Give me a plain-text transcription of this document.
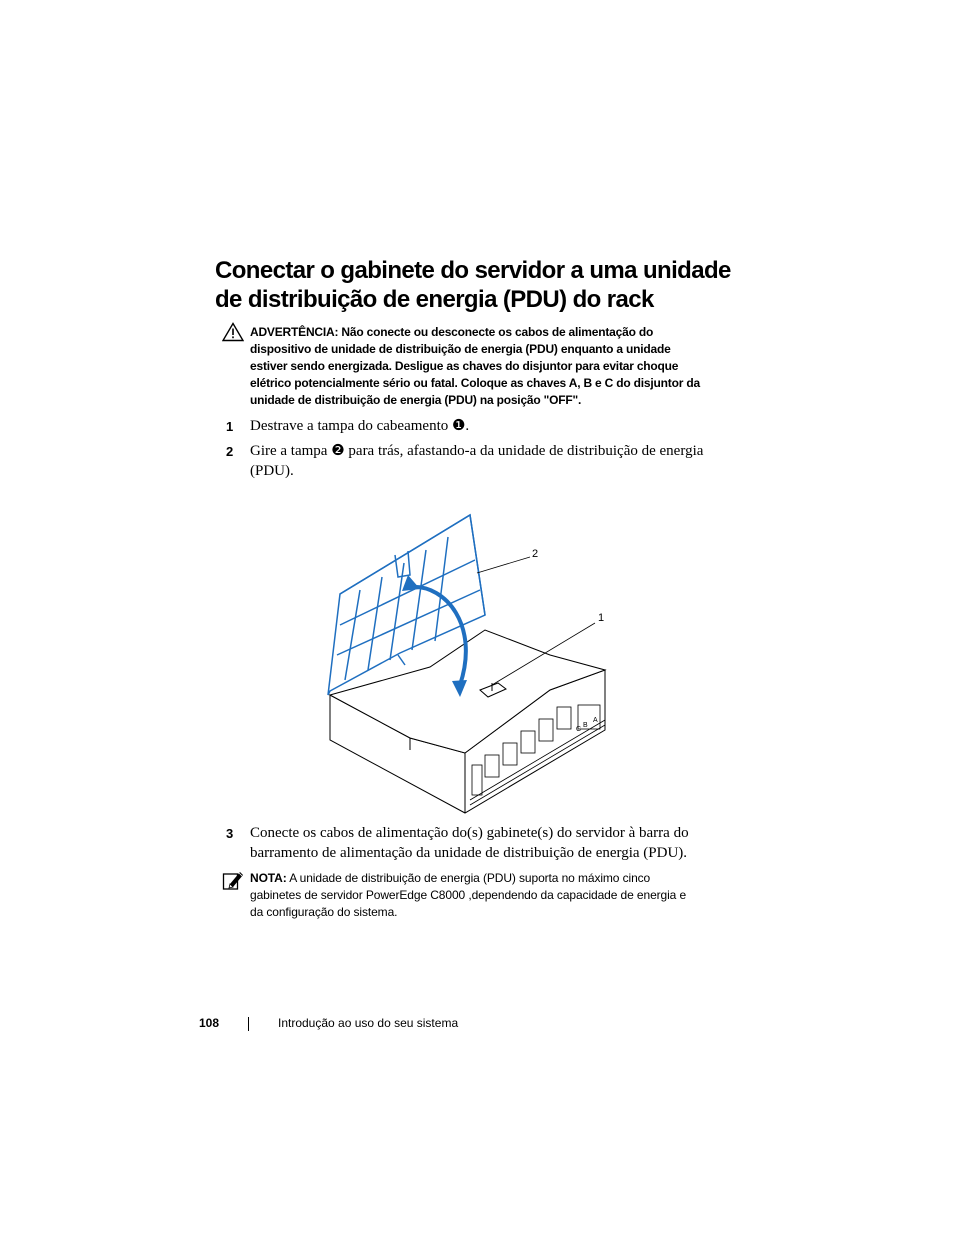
Conectar o gabinete do servidor a uma unidade de distribuição de energia (PDU) do rack
ADVERTÊNCIA: Não conecte ou desconecte os cabos de alimentação do dispositivo de unidade de distribuição de energia (PDU) enquanto a unidade estiver sendo energizada. Desligue as chaves do disjuntor para evitar choque elétrico potencialmente sério ou fatal. Coloque as chaves A, B e C do disjuntor da unidade de distribuição de energia (PDU) na posição "OFF".
1 Destrave a tampa do cabeamento ❶.
2 Gire a tampa ❷ para trás, afastando-a da unidade de distribuição de energia (PDU).
2
1
A
B
C
3 Conecte os cabos de alimentação do(s) gabinete(s) do servidor à barra do barramento de alimentação da unidade de distribuição de energia (PDU).
NOTA: A unidade de distribuição de energia (PDU) suporta no máximo cinco gabinetes de servidor PowerEdge C8000 ,dependendo da capacidade de energia e da configuração do sistema.
108	Introdução ao uso do seu sistema
